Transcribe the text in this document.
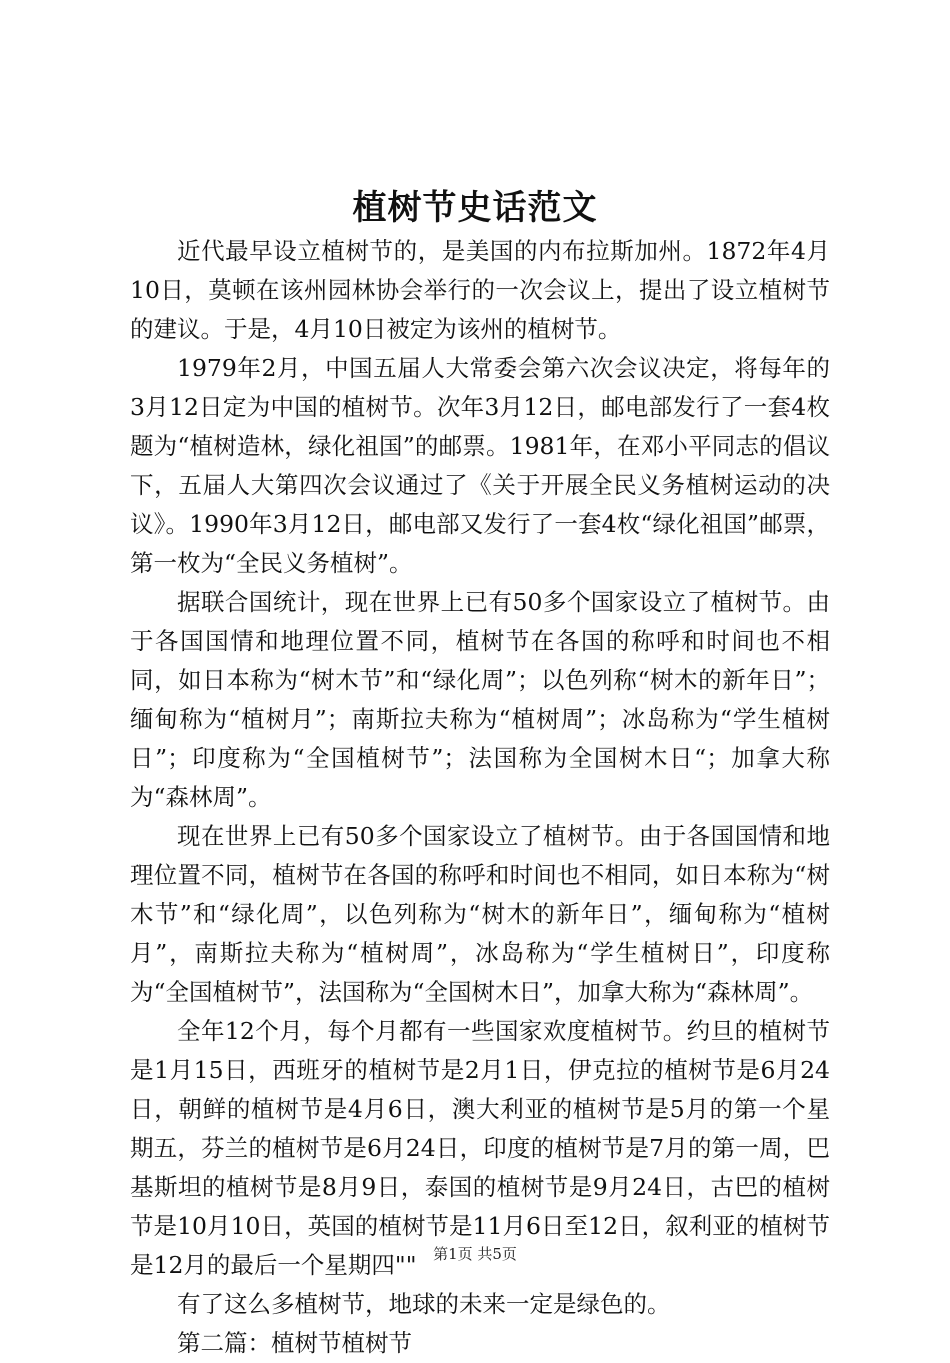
植树节史话范文

近代最早设立植树节的，是美国的内布拉斯加州。1872年4月10日，莫顿在该州园林协会举行的一次会议上，提出了设立植树节的建议。于是，4月10日被定为该州的植树节。

1979年2月，中国五届人大常委会第六次会议决定，将每年的3月12日定为中国的植树节。次年3月12日，邮电部发行了一套4枚题为“植树造林，绿化祖国”的邮票。1981年，在邓小平同志的倡议下，五届人大第四次会议通过了《关于开展全民义务植树运动的决议》。1990年3月12日，邮电部又发行了一套4枚“绿化祖国”邮票，第一枚为“全民义务植树”。

据联合国统计，现在世界上已有50多个国家设立了植树节。由于各国国情和地理位置不同，植树节在各国的称呼和时间也不相同，如日本称为“树木节”和“绿化周”；以色列称“树木的新年日”；缅甸称为“植树月”；南斯拉夫称为“植树周”；冰岛称为“学生植树日”；印度称为“全国植树节”；法国称为全国树木日“；加拿大称为“森林周”。

现在世界上已有50多个国家设立了植树节。由于各国国情和地理位置不同，植树节在各国的称呼和时间也不相同，如日本称为“树木节”和“绿化周”，以色列称为“树木的新年日”，缅甸称为“植树月”，南斯拉夫称为“植树周”，冰岛称为“学生植树日”，印度称为“全国植树节”，法国称为“全国树木日”，加拿大称为“森林周”。

全年12个月，每个月都有一些国家欢度植树节。约旦的植树节是1月15日，西班牙的植树节是2月1日，伊克拉的植树节是6月24日，朝鲜的植树节是4月6日，澳大利亚的植树节是5月的第一个星期五，芬兰的植树节是6月24日，印度的植树节是7月的第一周，巴基斯坦的植树节是8月9日，泰国的植树节是9月24日，古巴的植树节是10月10日，英国的植树节是11月6日至12日，叙利亚的植树节是12月的最后一个星期四""

有了这么多植树节，地球的未来一定是绿色的。

第二篇：植树节植树节

第1页 共5页
